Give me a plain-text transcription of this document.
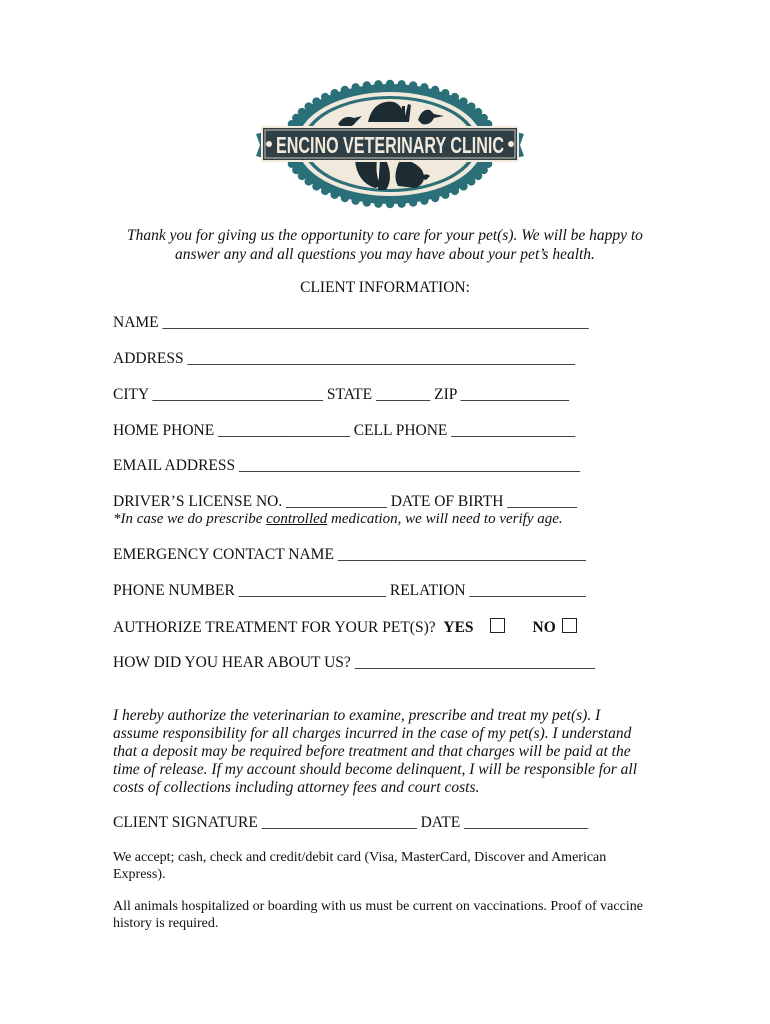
ENCINO VETERINARY CLINIC
Thank you for giving us the opportunity to care for your pet(s). We will be happy to answer any and all questions you may have about your pet’s health.
CLIENT INFORMATION:
NAME _______________________________________________________
ADDRESS __________________________________________________
CITY ______________________ STATE _______ ZIP ______________
HOME PHONE _________________ CELL PHONE ________________
EMAIL ADDRESS ____________________________________________
DRIVER’S LICENSE NO. _____________ DATE OF BIRTH _________
*In case we do prescribe controlled medication, we will need to verify age.
EMERGENCY CONTACT NAME ________________________________
PHONE NUMBER ___________________ RELATION _______________
AUTHORIZE TREATMENT FOR YOUR PET(S)? YES	NO
HOW DID YOU HEAR ABOUT US? _______________________________
I hereby authorize the veterinarian to examine, prescribe and treat my pet(s). I assume responsibility for all charges incurred in the case of my pet(s). I understand that a deposit may be required before treatment and that charges will be paid at the time of release. If my account should become delinquent, I will be responsible for all costs of collections including attorney fees and court costs.
CLIENT SIGNATURE ____________________ DATE ________________
We accept; cash, check and credit/debit card (Visa, MasterCard, Discover and American Express).
All animals hospitalized or boarding with us must be current on vaccinations. Proof of vaccine history is required.
